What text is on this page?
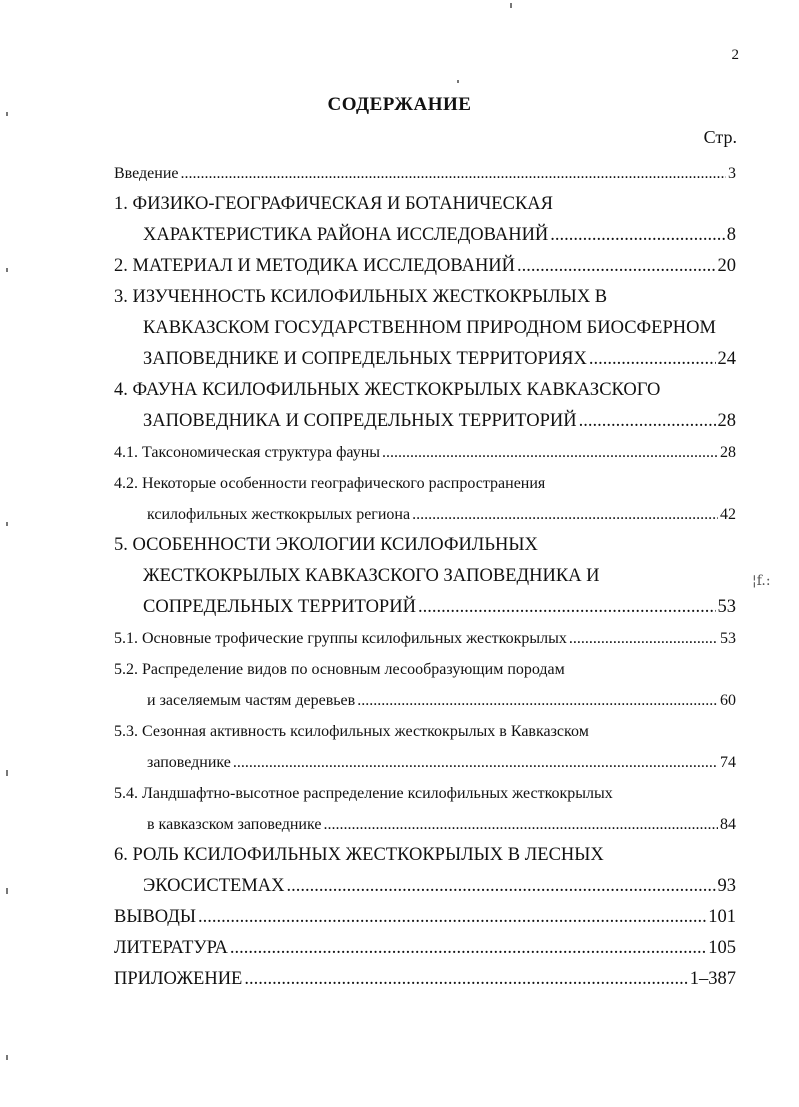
2
СОДЕРЖАНИЕ
Стр.
Введение .....	3
1. ФИЗИКО-ГЕОГРАФИЧЕСКАЯ И БОТАНИЧЕСКАЯ
ХАРАКТЕРИСТИКА РАЙОНА ИССЛЕДОВАНИЙ .....	8
2. МАТЕРИАЛ И МЕТОДИКА ИССЛЕДОВАНИЙ .....	20
3. ИЗУЧЕННОСТЬ КСИЛОФИЛЬНЫХ ЖЕСТКОКРЫЛЫХ В
КАВКАЗСКОМ ГОСУДАРСТВЕННОМ ПРИРОДНОМ БИОСФЕРНОМ
ЗАПОВЕДНИКЕ И СОПРЕДЕЛЬНЫХ ТЕРРИТОРИЯХ .....	24
4. ФАУНА КСИЛОФИЛЬНЫХ ЖЕСТКОКРЫЛЫХ КАВКАЗСКОГО
ЗАПОВЕДНИКА И СОПРЕДЕЛЬНЫХ ТЕРРИТОРИЙ .....	28
4.1. Таксономическая структура фауны .....	28
4.2. Некоторые особенности географического распространения
ксилофильных жесткокрылых региона .....	42
5. ОСОБЕННОСТИ ЭКОЛОГИИ КСИЛОФИЛЬНЫХ
ЖЕСТКОКРЫЛЫХ КАВКАЗСКОГО ЗАПОВЕДНИКА И
СОПРЕДЕЛЬНЫХ ТЕРРИТОРИЙ .....	53
5.1. Основные трофические группы ксилофильных жесткокрылых .....	53
5.2. Распределение видов по основным лесообразующим породам
и заселяемым частям деревьев .....	60
5.3. Сезонная активность ксилофильных жесткокрылых в Кавказском
заповеднике .....	74
5.4. Ландшафтно-высотное распределение ксилофильных жесткокрылых
в кавказском заповеднике .....	84
6. РОЛЬ КСИЛОФИЛЬНЫХ ЖЕСТКОКРЫЛЫХ В ЛЕСНЫХ
ЭКОСИСТЕМАХ .....	93
ВЫВОДЫ .....	101
ЛИТЕРАТУРА .....	105
ПРИЛОЖЕНИЕ .....	1–387
¦f.:
